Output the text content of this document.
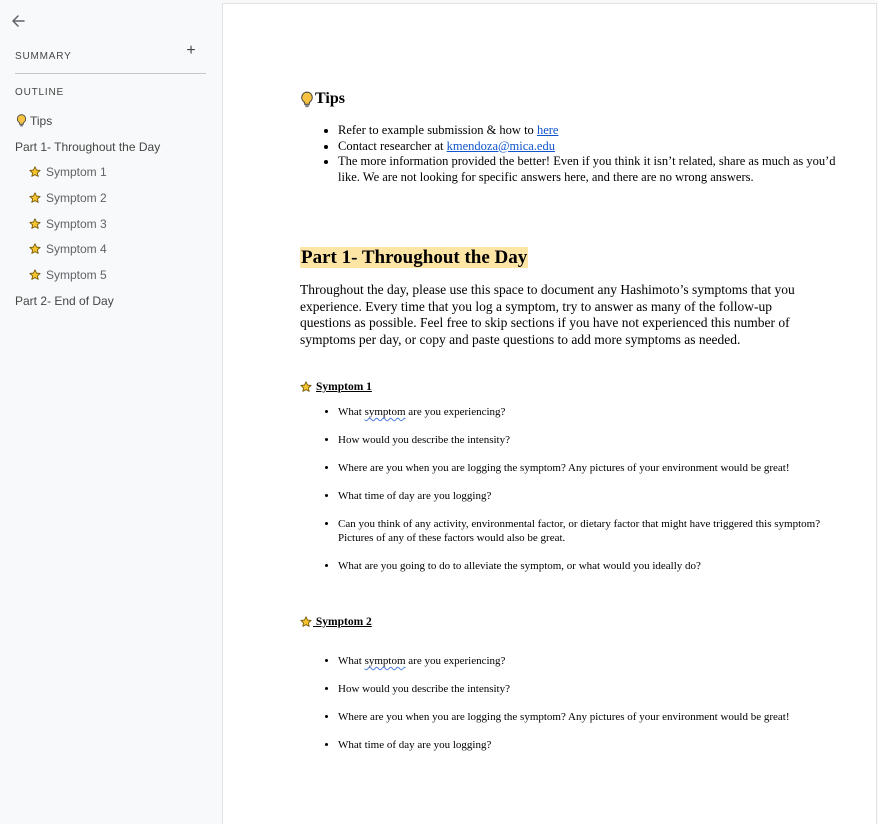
SUMMARY	+
OUTLINE
Tips
Part 1- Throughout the Day
Symptom 1
Symptom 2
Symptom 3
Symptom 4
Symptom 5
Part 2- End of Day
Tips
• Refer to example submission & how to here
• Contact researcher at kmendoza@mica.edu
• The more information provided the better! Even if you think it isn’t related, share as much as you’d like. We are not looking for specific answers here, and there are no wrong answers.
Part 1- Throughout the Day
Throughout the day, please use this space to document any Hashimoto’s symptoms that you experience. Every time that you log a symptom, try to answer as many of the follow-up questions as possible. Feel free to skip sections if you have not experienced this number of symptoms per day, or copy and paste questions to add more symptoms as needed.
Symptom 1
• What symptom are you experiencing?
• How would you describe the intensity?
• Where are you when you are logging the symptom? Any pictures of your environment would be great!
• What time of day are you logging?
• Can you think of any activity, environmental factor, or dietary factor that might have triggered this symptom? Pictures of any of these factors would also be great.
• What are you going to do to alleviate the symptom, or what would you ideally do?
Symptom 2
• What symptom are you experiencing?
• How would you describe the intensity?
• Where are you when you are logging the symptom? Any pictures of your environment would be great!
• What time of day are you logging?
